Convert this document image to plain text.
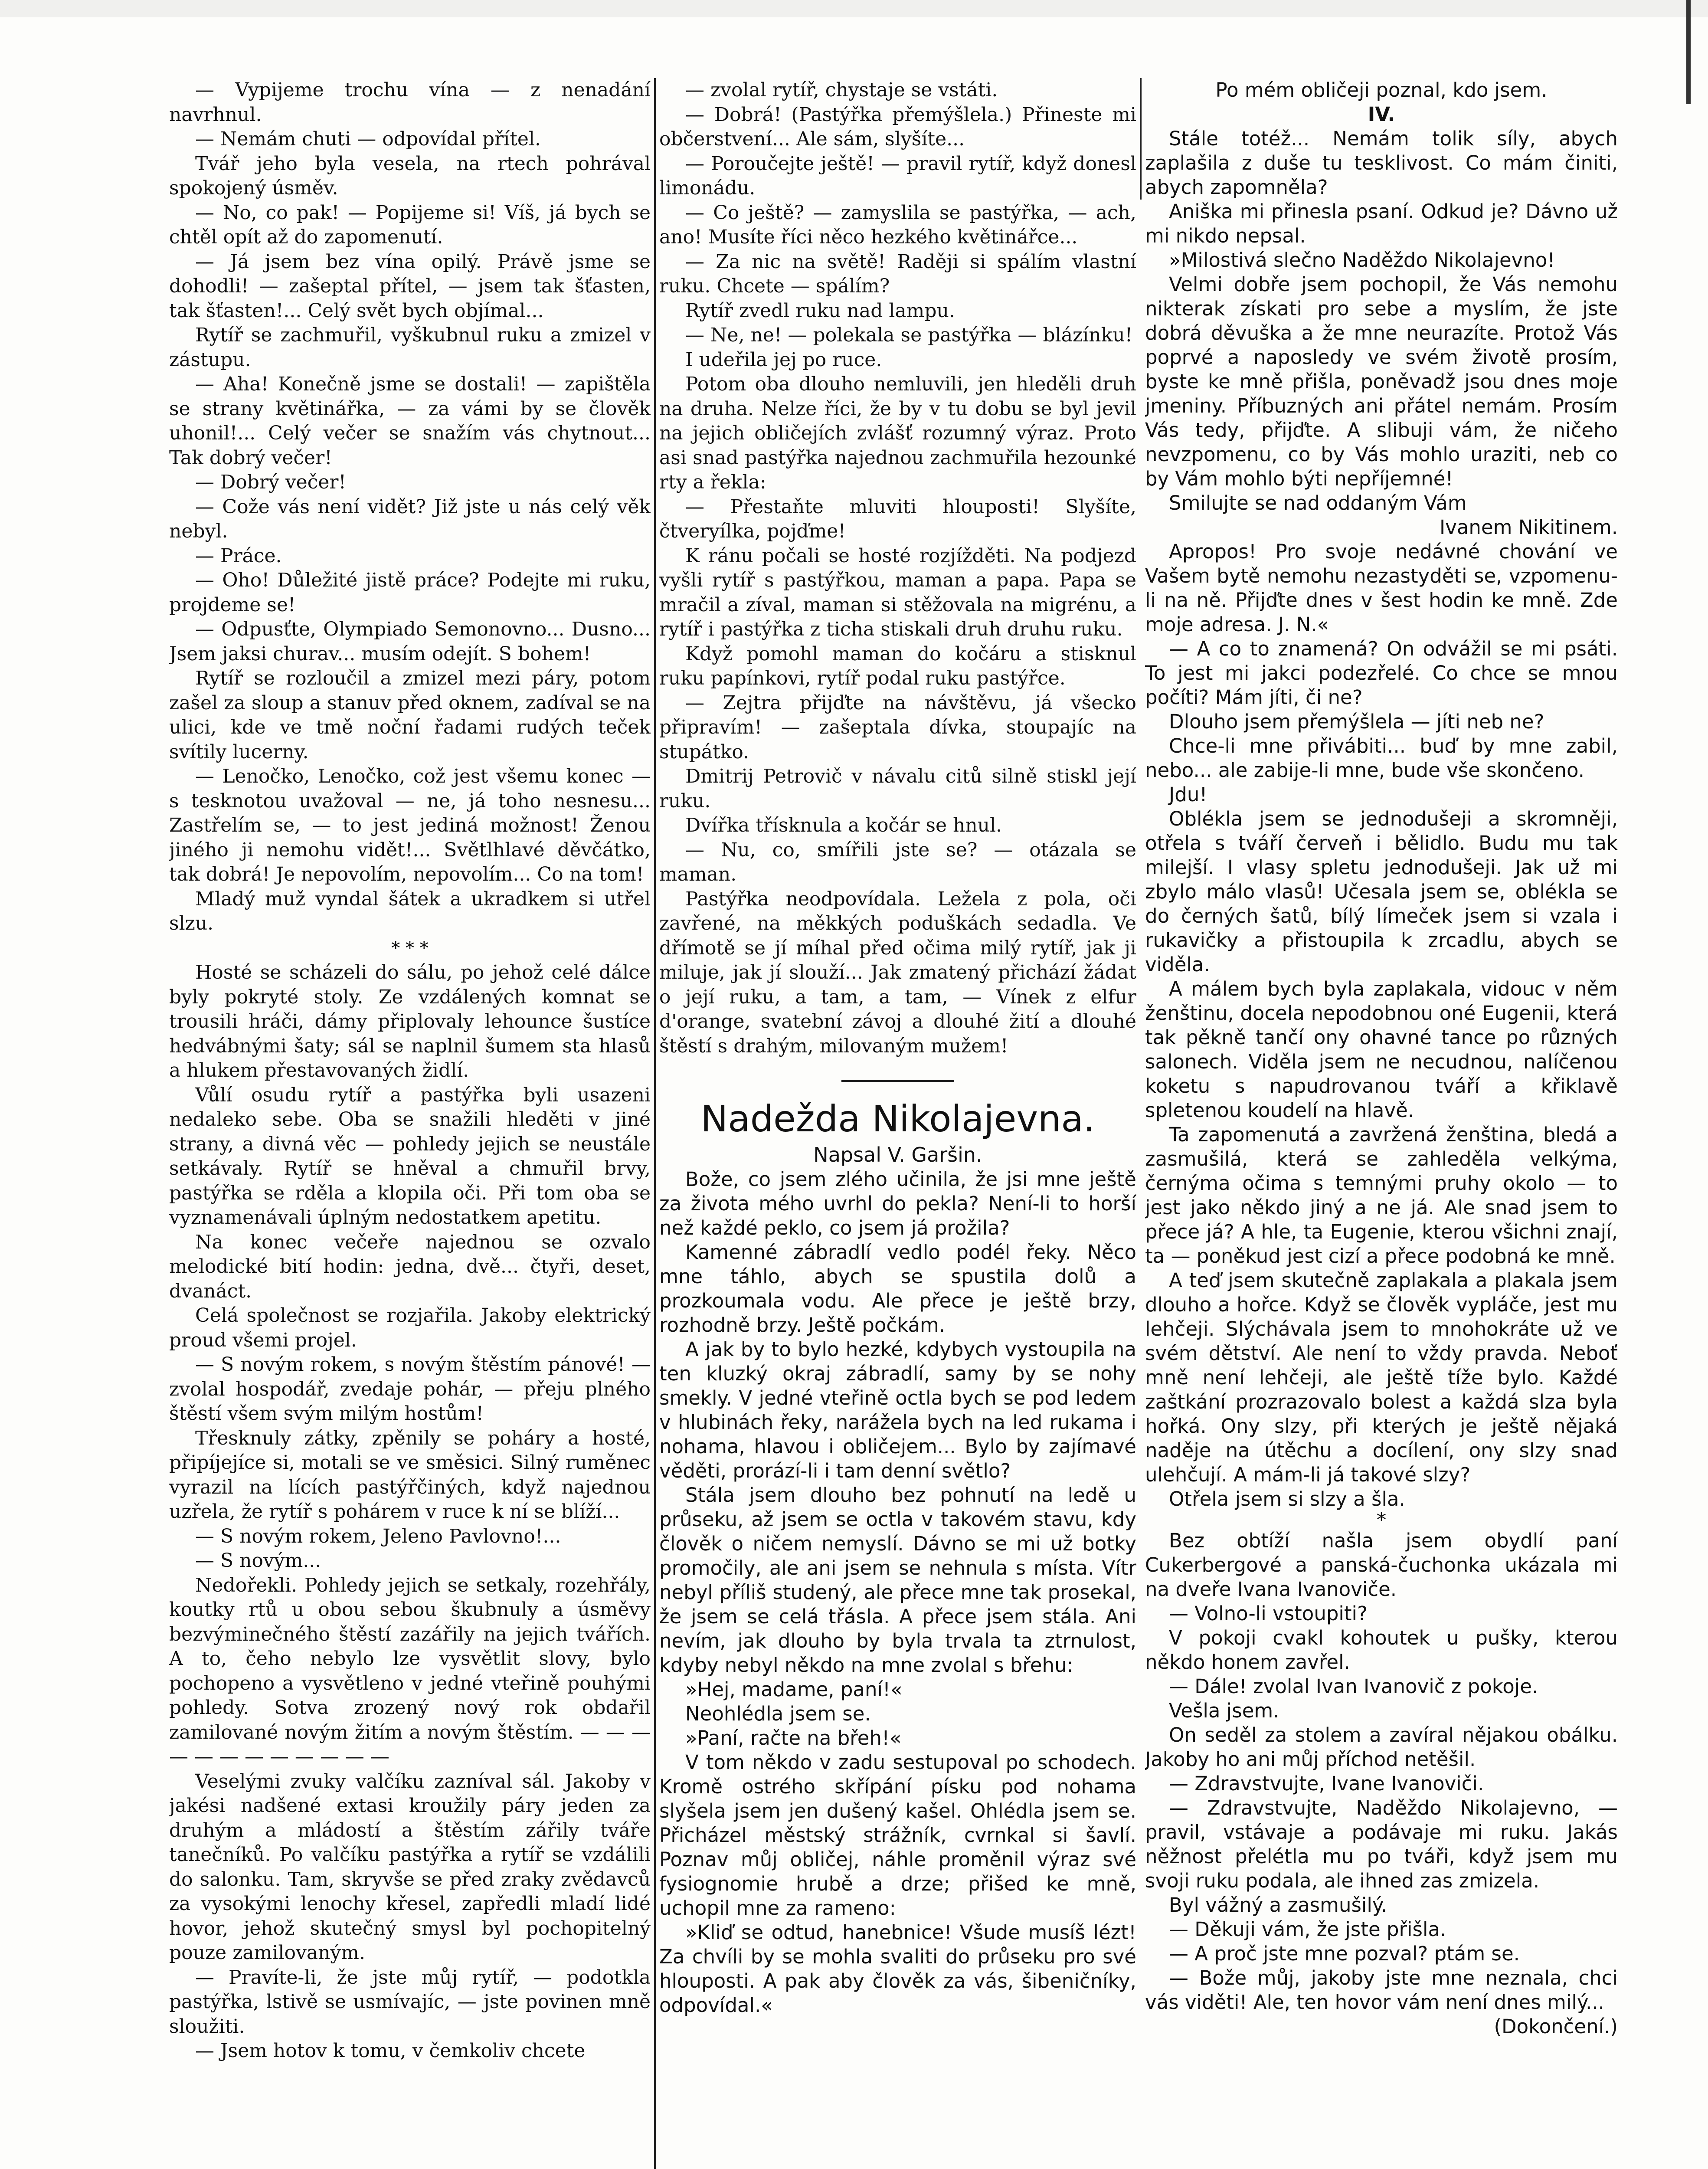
— Vypijeme trochu vína — z nenadání navrhnul.

— Nemám chuti — odpovídal přítel.

Tvář jeho byla vesela, na rtech pohrával spokojený úsměv.

— No, co pak! — Popijeme si! Víš, já bych se chtěl opít až do zapomenutí.

— Já jsem bez vína opilý. Právě jsme se dohodli! — zašeptal přítel, — jsem tak šťasten, tak šťasten!... Celý svět bych objímal...

Rytíř se zachmuřil, vyškubnul ruku a zmizel v zástupu.

— Aha! Konečně jsme se dostali! — zapištěla se strany květinářka, — za vámi by se člověk uhonil!... Celý večer se snažím vás chytnout... Tak dobrý večer!

— Dobrý večer!

— Cože vás není vidět? Již jste u nás celý věk nebyl.

— Práce.

— Oho! Důležité jistě práce? Podejte mi ruku, projdeme se!

— Odpusťte, Olympiado Semonovno... Dusno... Jsem jaksi churav... musím odejít. S bohem!

Rytíř se rozloučil a zmizel mezi páry, potom zašel za sloup a stanuv před oknem, zadíval se na ulici, kde ve tmě noční řadami rudých teček svítily lucerny.

— Lenočko, Lenočko, což jest všemu konec — s tesknotou uvažoval — ne, já toho nesnesu... Zastřelím se, — to jest jediná možnost! Ženou jiného ji nemohu vidět!... Světlhlavé děvčátko, tak dobrá! Je nepovolím, nepovolím... Co na tom!

Mladý muž vyndal šátek a ukradkem si utřel slzu.

* * *

Hosté se scházeli do sálu, po jehož celé dálce byly pokryté stoly. Ze vzdálených komnat se trousili hráči, dámy připlovaly lehounce šustíce hedvábnými šaty; sál se naplnil šumem sta hlasů a hlukem přestavovaných židlí.

Vůlí osudu rytíř a pastýřka byli usazeni nedaleko sebe. Oba se snažili hleděti v jiné strany, a divná věc — pohledy jejich se neustále setkávaly. Rytíř se hněval a chmuřil brvy, pastýřka se rděla a klopila oči. Při tom oba se vyznamenávali úplným nedostatkem apetitu.

Na konec večeře najednou se ozvalo melodické bití hodin: jedna, dvě... čtyři, deset, dvanáct.

Celá společnost se rozjařila. Jakoby elektrický proud všemi projel.

— S novým rokem, s novým štěstím pánové! — zvolal hospodář, zvedaje pohár, — přeju plného štěstí všem svým milým hostům!

Třesknuly zátky, zpěnily se poháry a hosté, připíjejíce si, motali se ve směsici. Silný ruměnec vyrazil na lících pastýřčiných, když najednou uzřela, že rytíř s pohárem v ruce k ní se blíží...

— S novým rokem, Jeleno Pavlovno!...

— S novým...

Nedořekli. Pohledy jejich se setkaly, rozehřály, koutky rtů u obou sebou škubnuly a úsměvy bezvýminečného štěstí zazářily na jejich tvářích. A to, čeho nebylo lze vysvětlit slovy, bylo pochopeno a vysvětleno v jedné vteřině pouhými pohledy. Sotva zrozený nový rok obdařil zamilované novým žitím a novým štěstím. — — — — — — — — — — — —

Veselými zvuky valčíku zazníval sál. Jakoby v jakési nadšené extasi kroužily páry jeden za druhým a mládostí a štěstím zářily tváře tanečníků. Po valčíku pastýřka a rytíř se vzdálili do salonku. Tam, skryvše se před zraky zvědavců za vysokými lenochy křesel, zapředli mladí lidé hovor, jehož skutečný smysl byl pochopitelný pouze zamilovaným.

— Pravíte-li, že jste můj rytíř, — podotkla pastýřka, lstivě se usmívajíc, — jste povinen mně sloužiti.

— Jsem hotov k tomu, v čemkoliv chcete

— zvolal rytíř, chystaje se vstáti.

— Dobrá! (Pastýřka přemýšlela.) Přineste mi občerstvení... Ale sám, slyšíte...

— Poroučejte ještě! — pravil rytíř, když donesl limonádu.

— Co ještě? — zamyslila se pastýřka, — ach, ano! Musíte říci něco hezkého květinářce...

— Za nic na světě! Raději si spálím vlastní ruku. Chcete — spálím?

Rytíř zvedl ruku nad lampu.

— Ne, ne! — polekala se pastýřka — blázínku!

I udeřila jej po ruce.

Potom oba dlouho nemluvili, jen hleděli druh na druha. Nelze říci, že by v tu dobu se byl jevil na jejich obličejích zvlášť rozumný výraz. Proto asi snad pastýřka najednou zachmuřila hezounké rty a řekla:

— Přestaňte mluviti hlouposti! Slyšíte, čtveryílka, pojďme!

K ránu počali se hosté rozjížděti. Na podjezd vyšli rytíř s pastýřkou, maman a papa. Papa se mračil a zíval, maman si stěžovala na migrénu, a rytíř i pastýřka z ticha stiskali druh druhu ruku.

Když pomohl maman do kočáru a stisknul ruku papínkovi, rytíř podal ruku pastýřce.

— Zejtra přijďte na návštěvu, já všecko připravím! — zašeptala dívka, stoupajíc na stupátko.

Dmitrij Petrovič v návalu citů silně stiskl její ruku.

Dvířka třísknula a kočár se hnul.

— Nu, co, smířili jste se? — otázala se maman.

Pastýřka neodpovídala. Ležela z pola, oči zavřené, na měkkých poduškách sedadla. Ve dřímotě se jí míhal před očima milý rytíř, jak ji miluje, jak jí slouží... Jak zmatený přichází žádat o její ruku, a tam, a tam, — Vínek z elfur d'orange, svatební závoj a dlouhé žití a dlouhé štěstí s drahým, milovaným mužem!

Nadežda Nikolajevna.

Napsal V. Garšin.

Bože, co jsem zlého učinila, že jsi mne ještě za života mého uvrhl do pekla? Není-li to horší než každé peklo, co jsem já prožila?

Kamenné zábradlí vedlo podél řeky. Něco mne táhlo, abych se spustila dolů a prozkoumala vodu. Ale přece je ještě brzy, rozhodně brzy. Ještě počkám.

A jak by to bylo hezké, kdybych vystoupila na ten kluzký okraj zábradlí, samy by se nohy smekly. V jedné vteřině octla bych se pod ledem v hlubinách řeky, narážela bych na led rukama i nohama, hlavou i obličejem... Bylo by zajímavé věděti, prorází-li i tam denní světlo?

Stála jsem dlouho bez pohnutí na ledě u průseku, až jsem se octla v takovém stavu, kdy člověk o ničem nemyslí. Dávno se mi už botky promočily, ale ani jsem se nehnula s místa. Vítr nebyl příliš studený, ale přece mne tak prosekal, že jsem se celá třásla. A přece jsem stála. Ani nevím, jak dlouho by byla trvala ta ztrnulost, kdyby nebyl někdo na mne zvolal s břehu:

»Hej, madame, paní!«

Neohlédla jsem se.

»Paní, račte na břeh!«

V tom někdo v zadu sestupoval po schodech. Kromě ostrého skřípání písku pod nohama slyšela jsem jen dušený kašel. Ohlédla jsem se. Přicházel městský strážník, cvrnkal si šavlí. Poznav můj obličej, náhle proměnil výraz své fysiognomie hrubě a drze; přišed ke mně, uchopil mne za rameno:

»Kliď se odtud, hanebnice! Všude musíš lézt! Za chvíli by se mohla svaliti do průseku pro své hlouposti. A pak aby člověk za vás, šibeničníky, odpovídal.«

Po mém obličeji poznal, kdo jsem.

IV.

Stále totéž... Nemám tolik síly, abych zaplašila z duše tu tesklivost. Co mám činiti, abych zapomněla?

Aniška mi přinesla psaní. Odkud je? Dávno už mi nikdo nepsal.

»Milostivá slečno Naděždo Nikolajevno!

Velmi dobře jsem pochopil, že Vás nemohu nikterak získati pro sebe a myslím, že jste dobrá děvuška a že mne neurazíte. Protož Vás poprvé a naposledy ve svém životě prosím, byste ke mně přišla, poněvadž jsou dnes moje jmeniny. Příbuzných ani přátel nemám. Prosím Vás tedy, přijďte. A slibuji vám, že ničeho nevzpomenu, co by Vás mohlo uraziti, neb co by Vám mohlo býti nepříjemné!

Smilujte se nad oddaným Vám

Ivanem Nikitinem.

Apropos! Pro svoje nedávné chování ve Vašem bytě nemohu nezastyděti se, vzpomenu-li na ně. Přijďte dnes v šest hodin ke mně. Zde moje adresa. J. N.«

— A co to znamená? On odvážil se mi psáti. To jest mi jakci podezřelé. Co chce se mnou počíti? Mám jíti, či ne?

Dlouho jsem přemýšlela — jíti neb ne?

Chce-li mne přivábiti... buď by mne zabil, nebo... ale zabije-li mne, bude vše skončeno.

Jdu!

Oblékla jsem se jednodušeji a skromněji, otřela s tváří červeň i bělidlo. Budu mu tak milejší. I vlasy spletu jednodušeji. Jak už mi zbylo málo vlasů! Učesala jsem se, oblékla se do černých šatů, bílý límeček jsem si vzala i rukavičky a přistoupila k zrcadlu, abych se viděla.

A málem bych byla zaplakala, vidouc v něm ženštinu, docela nepodobnou oné Eugenii, která tak pěkně tančí ony ohavné tance po různých salonech. Viděla jsem ne necudnou, nalíčenou koketu s napudrovanou tváří a křiklavě spletenou koudelí na hlavě.

Ta zapomenutá a zavržená ženština, bledá a zasmušilá, která se zahleděla velkýma, černýma očima s temnými pruhy okolo — to jest jako někdo jiný a ne já. Ale snad jsem to přece já? A hle, ta Eugenie, kterou všichni znají, ta — poněkud jest cizí a přece podobná ke mně.

A teď jsem skutečně zaplakala a plakala jsem dlouho a hořce. Když se člověk vypláče, jest mu lehčeji. Slýchávala jsem to mnohokráte už ve svém dětství. Ale není to vždy pravda. Neboť mně není lehčeji, ale ještě tíže bylo. Každé zaštkání prozrazovalo bolest a každá slza byla hořká. Ony slzy, při kterých je ještě nějaká naděje na útěchu a docílení, ony slzy snad ulehčují. A mám-li já takové slzy?

Otřela jsem si slzy a šla.

*

Bez obtíží našla jsem obydlí paní Cukerbergové a panská-čuchonka ukázala mi na dveře Ivana Ivanoviče.

— Volno-li vstoupiti?

V pokoji cvakl kohoutek u pušky, kterou někdo honem zavřel.

— Dále! zvolal Ivan Ivanovič z pokoje.

Vešla jsem.

On seděl za stolem a zavíral nějakou obálku. Jakoby ho ani můj příchod netěšil.

— Zdravstvujte, Ivane Ivanoviči.

— Zdravstvujte, Naděždo Nikolajevno, — pravil, vstávaje a podávaje mi ruku. Jakás něžnost přelétla mu po tváři, když jsem mu svoji ruku podala, ale ihned zas zmizela.

Byl vážný a zasmušilý.

— Děkuji vám, že jste přišla.

— A proč jste mne pozval? ptám se.

— Bože můj, jakoby jste mne neznala, chci vás viděti! Ale, ten hovor vám není dnes milý...

(Dokončení.)
